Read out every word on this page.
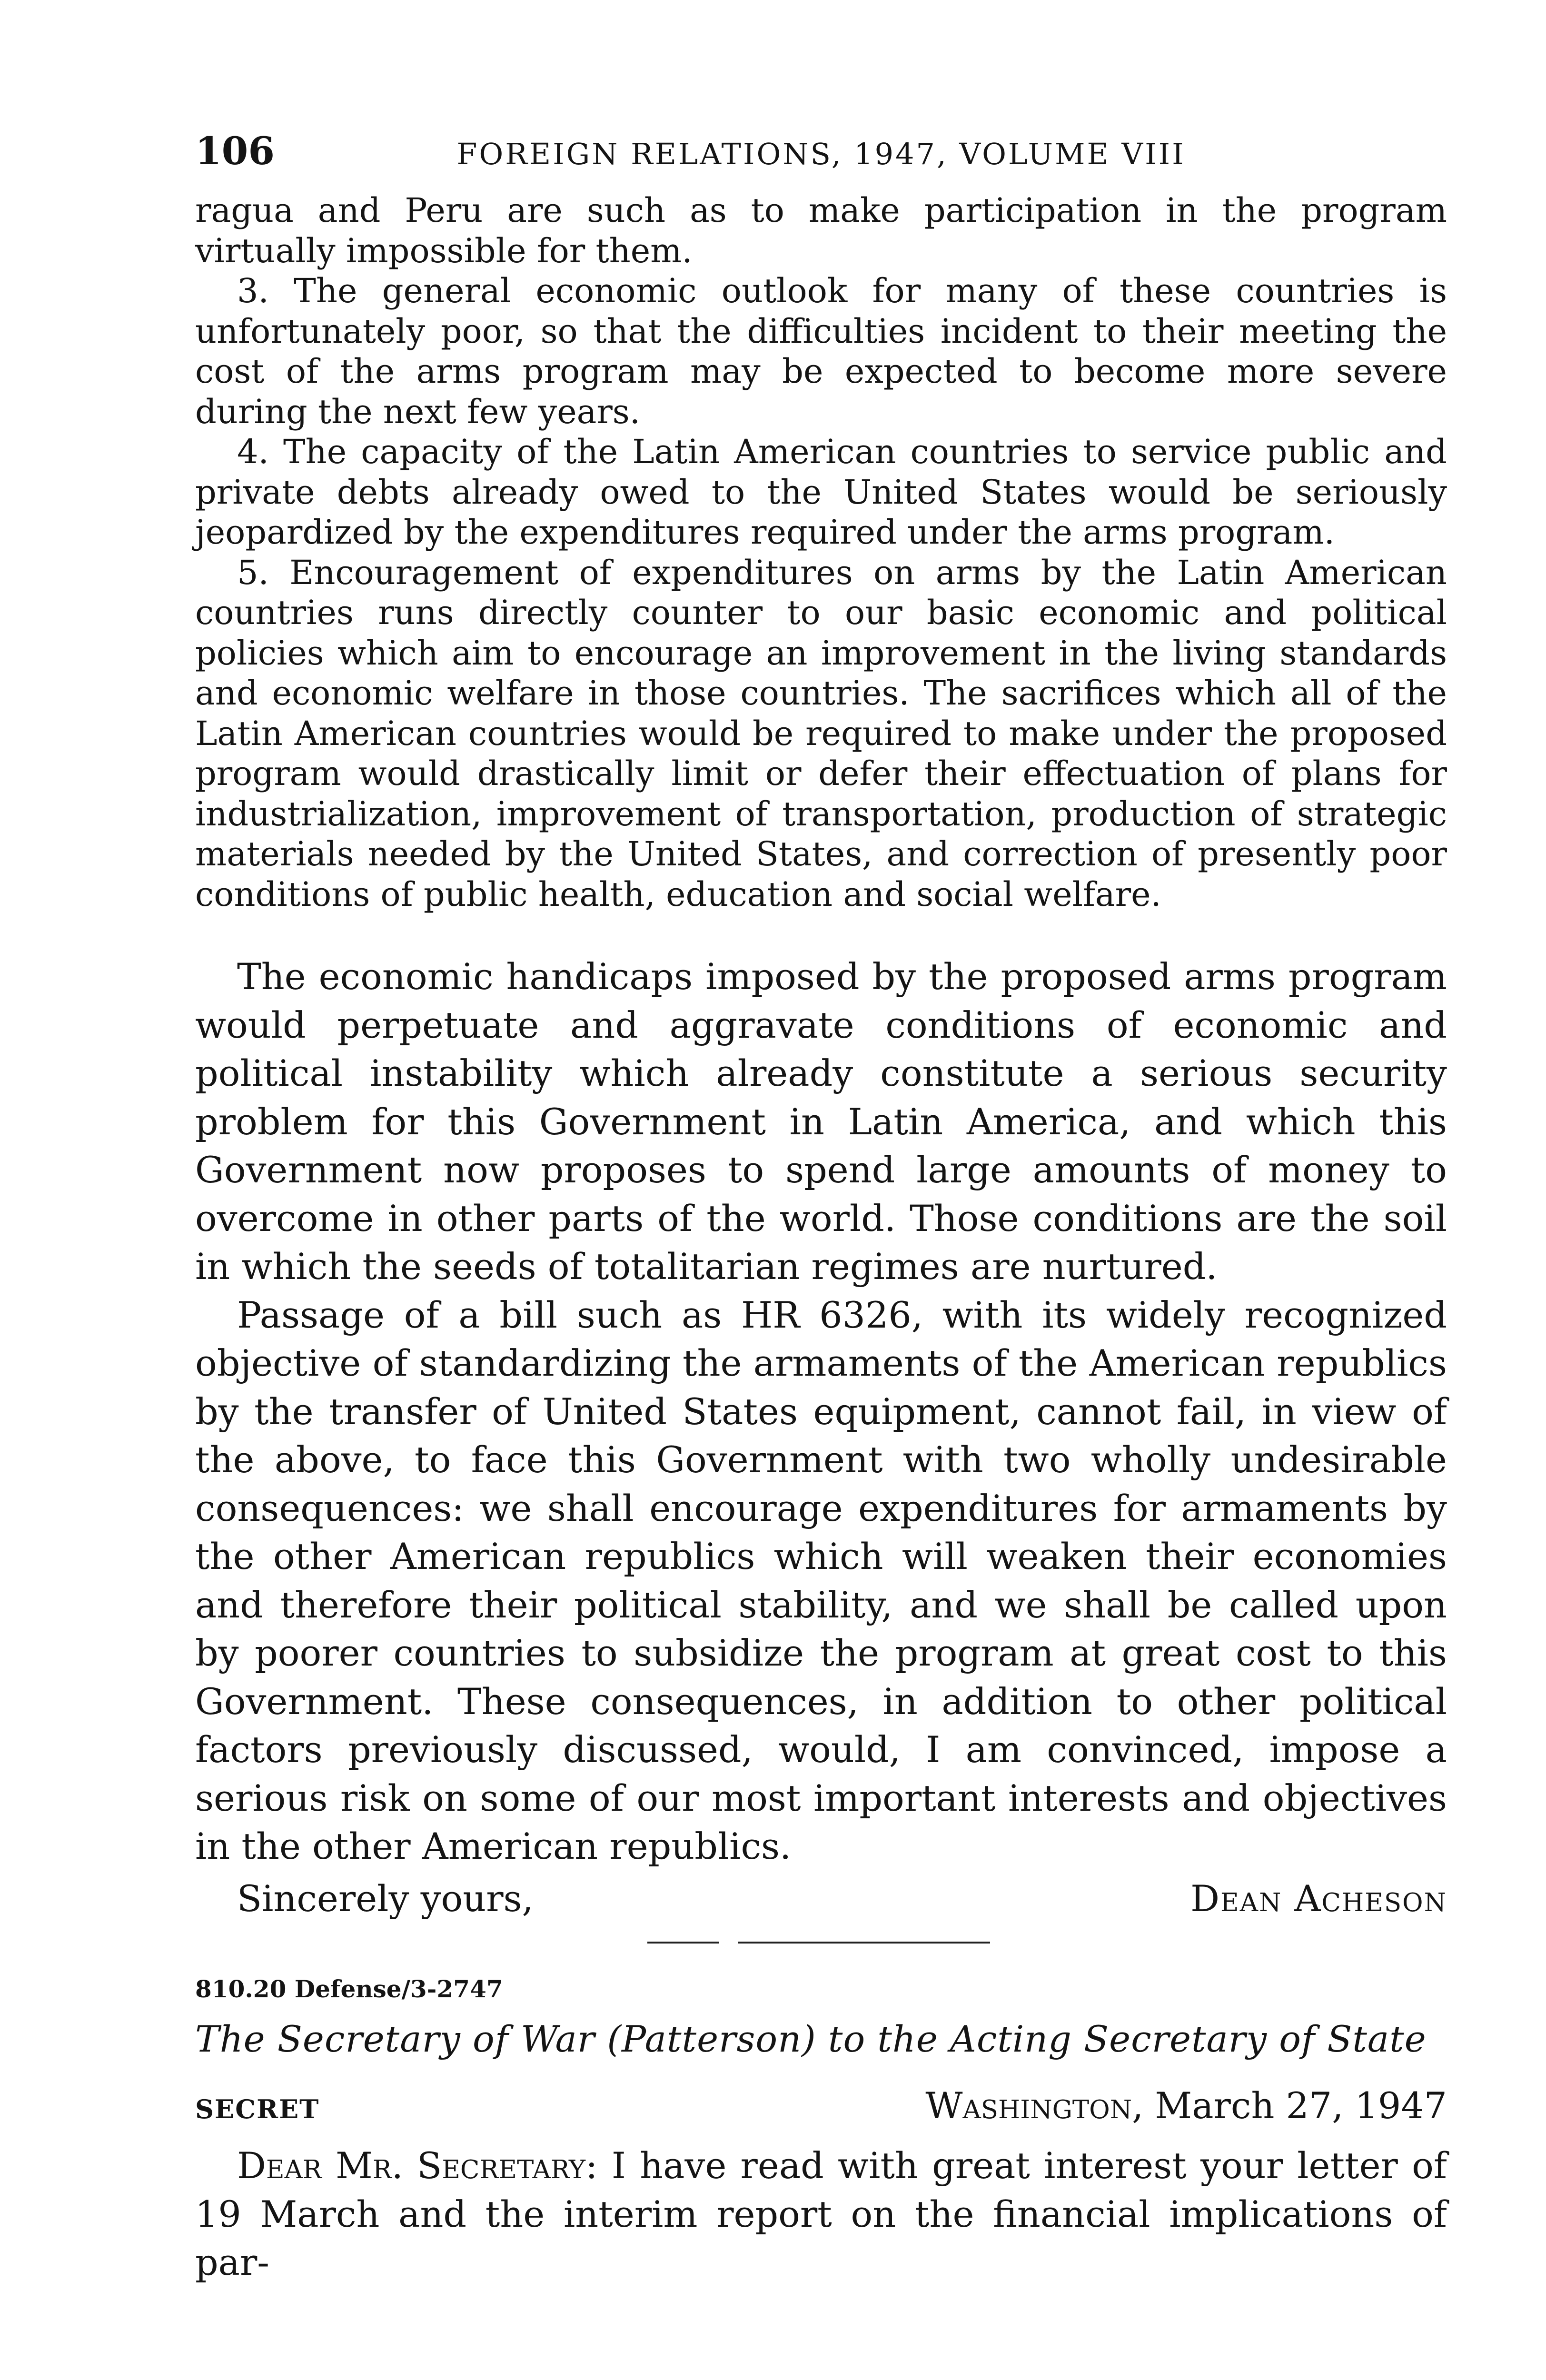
106	FOREIGN RELATIONS, 1947, VOLUME VIII

ragua and Peru are such as to make participation in the program virtually impossible for them.

3. The general economic outlook for many of these countries is unfortunately poor, so that the difficulties incident to their meeting the cost of the arms program may be expected to become more severe during the next few years.

4. The capacity of the Latin American countries to service public and private debts already owed to the United States would be seriously jeopardized by the expenditures required under the arms program.

5. Encouragement of expenditures on arms by the Latin American countries runs directly counter to our basic economic and political policies which aim to encourage an improvement in the living standards and economic welfare in those countries. The sacrifices which all of the Latin American countries would be required to make under the proposed program would drastically limit or defer their effectuation of plans for industrialization, improvement of transportation, production of strategic materials needed by the United States, and correction of presently poor conditions of public health, education and social welfare.

The economic handicaps imposed by the proposed arms program would perpetuate and aggravate conditions of economic and political instability which already constitute a serious security problem for this Government in Latin America, and which this Government now proposes to spend large amounts of money to overcome in other parts of the world. Those conditions are the soil in which the seeds of totalitarian regimes are nurtured.

Passage of a bill such as HR 6326, with its widely recognized objective of standardizing the armaments of the American republics by the transfer of United States equipment, cannot fail, in view of the above, to face this Government with two wholly undesirable consequences: we shall encourage expenditures for armaments by the other American republics which will weaken their economies and therefore their political stability, and we shall be called upon by poorer countries to subsidize the program at great cost to this Government. These consequences, in addition to other political factors previously discussed, would, I am convinced, impose a serious risk on some of our most important interests and objectives in the other American republics.

Sincerely yours,	Dean Acheson
810.20 Defense/3-2747
The Secretary of War (Patterson) to the Acting Secretary of State
SECRET	Washington, March 27, 1947

Dear Mr. Secretary: I have read with great interest your letter of 19 March and the interim report on the financial implications of par-
